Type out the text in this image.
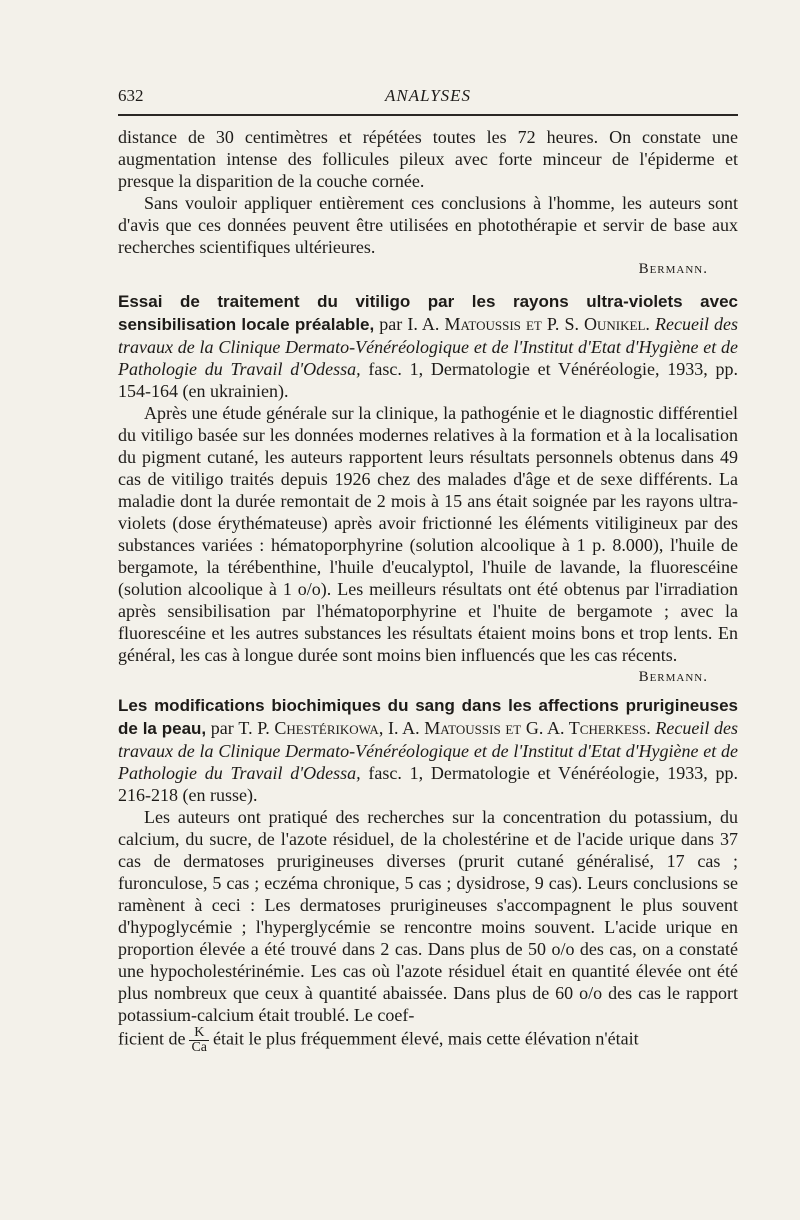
632	ANALYSES

distance de 30 centimètres et répétées toutes les 72 heures. On constate une augmentation intense des follicules pileux avec forte minceur de l'épiderme et presque la disparition de la couche cornée.

Sans vouloir appliquer entièrement ces conclusions à l'homme, les auteurs sont d'avis que ces données peuvent être utilisées en photothérapie et servir de base aux recherches scientifiques ultérieures.

Bermann.

Essai de traitement du vitiligo par les rayons ultra-violets avec sensibilisation locale préalable, par I. A. Matoussis et P. S. Ounikel. Recueil des travaux de la Clinique Dermato-Vénéréologique et de l'Institut d'Etat d'Hygiène et de Pathologie du Travail d'Odessa, fasc. 1, Dermatologie et Vénéréologie, 1933, pp. 154-164 (en ukrainien).

Après une étude générale sur la clinique, la pathogénie et le diagnostic différentiel du vitiligo basée sur les données modernes relatives à la formation et à la localisation du pigment cutané, les auteurs rapportent leurs résultats personnels obtenus dans 49 cas de vitiligo traités depuis 1926 chez des malades d'âge et de sexe différents. La maladie dont la durée remontait de 2 mois à 15 ans était soignée par les rayons ultra-violets (dose érythémateuse) après avoir frictionné les éléments vitiligineux par des substances variées : hématoporphyrine (solution alcoolique à 1 p. 8.000), l'huile de bergamote, la térébenthine, l'huile d'eucalyptol, l'huile de lavande, la fluorescéine (solution alcoolique à 1 o/o). Les meilleurs résultats ont été obtenus par l'irradiation après sensibilisation par l'hématoporphyrine et l'huite de bergamote ; avec la fluorescéine et les autres substances les résultats étaient moins bons et trop lents. En général, les cas à longue durée sont moins bien influencés que les cas récents.

Bermann.

Les modifications biochimiques du sang dans les affections prurigineuses de la peau, par T. P. Chestérikowa, I. A. Matoussis et G. A. Tcherkess. Recueil des travaux de la Clinique Dermato-Vénéréologique et de l'Institut d'Etat d'Hygiène et de Pathologie du Travail d'Odessa, fasc. 1, Dermatologie et Vénéréologie, 1933, pp. 216-218 (en russe).

Les auteurs ont pratiqué des recherches sur la concentration du potassium, du calcium, du sucre, de l'azote résiduel, de la cholestérine et de l'acide urique dans 37 cas de dermatoses prurigineuses diverses (prurit cutané généralisé, 17 cas ; furonculose, 5 cas ; eczéma chronique, 5 cas ; dysidrose, 9 cas). Leurs conclusions se ramènent à ceci : Les dermatoses prurigineuses s'accompagnent le plus souvent d'hypoglycémie ; l'hyperglycémie se rencontre moins souvent. L'acide urique en proportion élevée a été trouvé dans 2 cas. Dans plus de 50 o/o des cas, on a constaté une hypocholestérinémie. Les cas où l'azote résiduel était en quantité élevée ont été plus nombreux que ceux à quantité abaissée. Dans plus de 60 o/o des cas le rapport potassium-calcium était troublé. Le coef-

ficient de $\frac{K}{Ca}$ était le plus fréquemment élevé, mais cette élévation n'était
